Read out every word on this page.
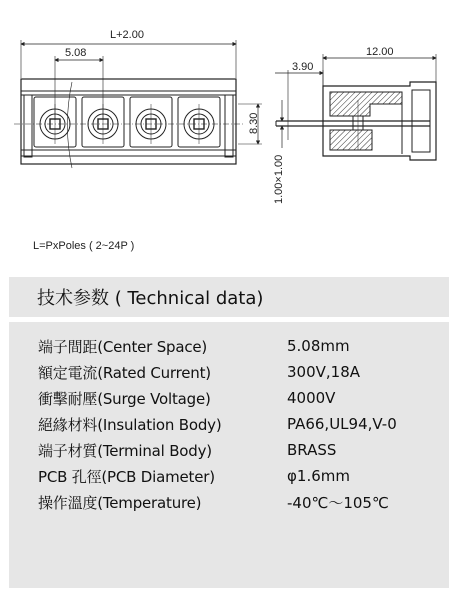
L+2.00
5.08
8.30
1.00×1.00
12.00
3.90
L=PxPoles ( 2~24P )
技术参数 ( Technical data)
端子間距(Center Space)	5.08mm
額定電流(Rated Current)	300V,18A
衝擊耐壓(Surge Voltage)	4000V
絕緣材料(Insulation Body)	PA66,UL94,V-0
端子材質(Terminal Body)	BRASS
PCB 孔徑(PCB Diameter)	φ1.6mm
操作溫度(Temperature)	-40℃～105℃
